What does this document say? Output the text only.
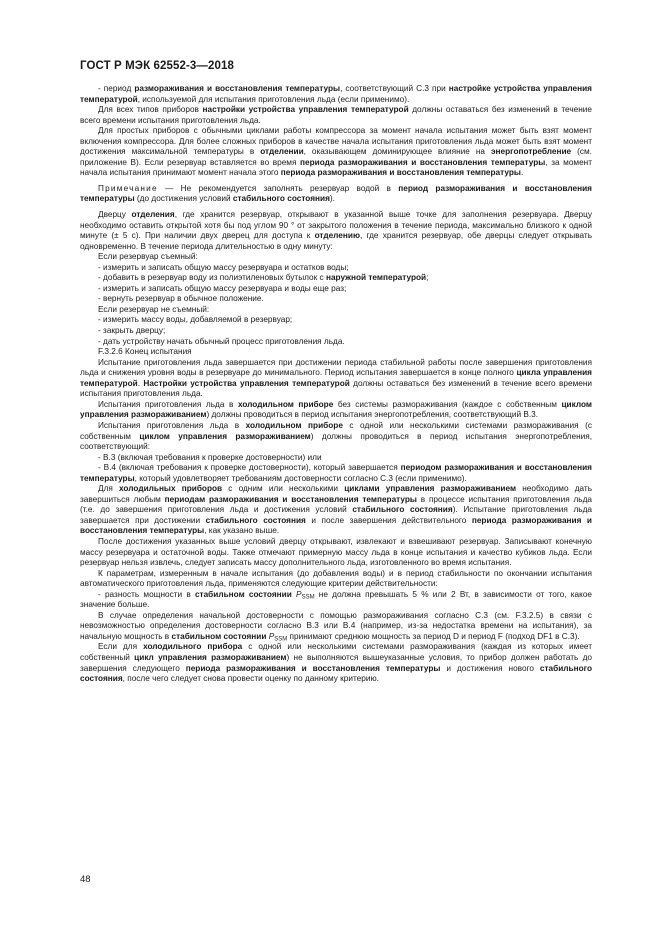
ГОСТ Р МЭК 62552-3—2018

- период размораживания и восстановления температуры, соответствующий С.3 при настройке устройства управления температурой, используемой для испытания приготовления льда (если применимо).

Для всех типов приборов настройки устройства управления температурой должны оставаться без изменений в течение всего времени испытания приготовления льда.

Для простых приборов с обычными циклами работы компрессора за момент начала испытания может быть взят момент включения компрессора. Для более сложных приборов в качестве начала испытания приготовления льда может быть взят момент достижения максимальной температуры в отделении, оказывающем доминирующее влияние на энергопотребление (см. приложение В). Если резервуар вставляется во время периода размораживания и восстановления температуры, за момент начала испытания принимают момент начала этого периода размораживания и восстановления температуры.

Примечание — Не рекомендуется заполнять резервуар водой в период размораживания и восстановления температуры (до достижения условий стабильного состояния).

Дверцу отделения, где хранится резервуар, открывают в указанной выше точке для заполнения резервуара. Дверцу необходимо оставить открытой хотя бы под углом 90 ° от закрытого положения в течение периода, максимально близкого к одной минуте (± 5 с). При наличии двух дверец для доступа к отделению, где хранится резервуар, обе дверцы следует открывать одновременно. В течение периода длительностью в одну минуту:

Если резервуар съемный:

- измерить и записать общую массу резервуара и остатков воды;

- добавить в резервуар воду из полиэтиленовых бутылок с наружной температурой;

- измерить и записать общую массу резервуара и воды еще раз;

- вернуть резервуар в обычное положение.

Если резервуар не съемный:

- измерить массу воды, добавляемой в резервуар;

- закрыть дверцу;

- дать устройству начать обычный процесс приготовления льда.

F.3.2.6 Конец испытания

Испытание приготовления льда завершается при достижении периода стабильной работы после завершения приготовления льда и снижения уровня воды в резервуаре до минимального. Период испытания завершается в конце полного цикла управления температурой. Настройки устройства управления температурой должны оставаться без изменений в течение всего времени испытания приготовления льда.

Испытания приготовления льда в холодильном приборе без системы размораживания (каждое с собственным циклом управления размораживанием) должны проводиться в период испытания энергопотребления, соответствующий В.3.

Испытания приготовления льда в холодильном приборе с одной или несколькими системами размораживания (с собственным циклом управления размораживанием) должны проводиться в период испытания энергопотребления, соответствующий:

- В.3 (включая требования к проверке достоверности) или

- В.4 (включая требования к проверке достоверности), который завершается периодом размораживания и восстановления температуры, который удовлетворяет требованиям достоверности согласно С.3 (если применимо).

Для холодильных приборов с одним или несколькими циклами управления размораживанием необходимо дать завершиться любым периодам размораживания и восстановления температуры в процессе испытания приготовления льда (т.е. до завершения приготовления льда и достижения условий стабильного состояния). Испытание приготовления льда завершается при достижении стабильного состояния и после завершения действительного периода размораживания и восстановления температуры, как указано выше.

После достижения указанных выше условий дверцу открывают, извлекают и взвешивают резервуар. Записывают конечную массу резервуара и остаточной воды. Также отмечают примерную массу льда в конце испытания и качество кубиков льда. Если резервуар нельзя извлечь, следует записать массу дополнительного льда, изготовленного во время испытания.

К параметрам, измеренным в начале испытания (до добавления воды) и в период стабильности по окончании испытания автоматического приготовления льда, применяются следующие критерии действительности:

- разность мощности в стабильном состоянии $P_{SSM}$ не должна превышать 5 % или 2 Вт, в зависимости от того, какое значение больше.

В случае определения начальной достоверности с помощью размораживания согласно С.3 (см. F.3.2.5) в связи с невозможностью определения достоверности согласно В.3 или В.4 (например, из-за недостатка времени на испытания), за начальную мощность в стабильном состоянии $P_{SSM}$ принимают среднюю мощность за период D и период F (подход DF1 в С.3).

Если для холодильного прибора с одной или несколькими системами размораживания (каждая из которых имеет собственный цикл управления размораживанием) не выполняются вышеуказанные условия, то прибор должен работать до завершения следующего периода размораживания и восстановления температуры и достижения нового стабильного состояния, после чего следует снова провести оценку по данному критерию.

48
